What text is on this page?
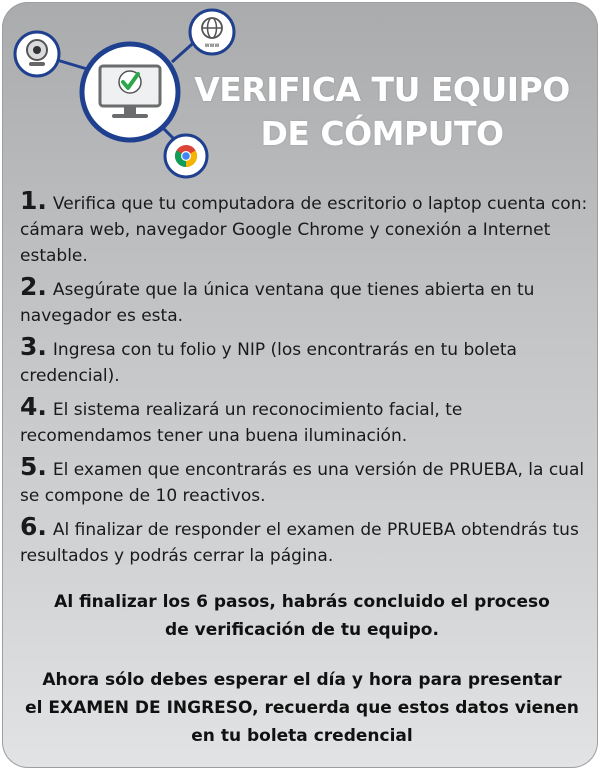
www
VERIFICA TU EQUIPO
DE CÓMPUTO
1. Verifica que tu computadora de escritorio o laptop cuenta con: cámara web, navegador Google Chrome y conexión a Internet estable.
2. Asegúrate que la única ventana que tienes abierta en tu navegador es esta.
3. Ingresa con tu folio y NIP (los encontrarás en tu boleta credencial).
4. El sistema realizará un reconocimiento facial, te recomendamos tener una buena iluminación.
5. El examen que encontrarás es una versión de PRUEBA, la cual se compone de 10 reactivos.
6. Al finalizar de responder el examen de PRUEBA obtendrás tus resultados y podrás cerrar la página.
Al finalizar los 6 pasos, habrás concluido el proceso
de verificación de tu equipo.
Ahora sólo debes esperar el día y hora para presentar
el EXAMEN DE INGRESO, recuerda que estos datos vienen
en tu boleta credencial
